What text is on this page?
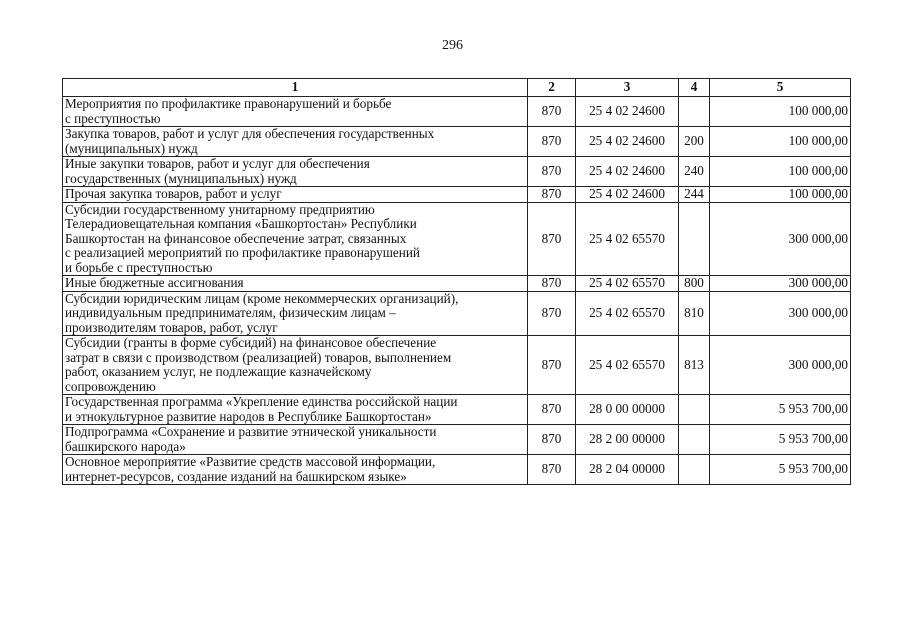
296
1	2	3	4	5
Мероприятия по профилактике правонарушений и борьбе
с преступностью	870	25 4 02 24600		100 000,00
Закупка товаров, работ и услуг для обеспечения государственных
(муниципальных) нужд	870	25 4 02 24600	200	100 000,00
Иные закупки товаров, работ и услуг для обеспечения
государственных (муниципальных) нужд	870	25 4 02 24600	240	100 000,00
Прочая закупка товаров, работ и услуг	870	25 4 02 24600	244	100 000,00
Субсидии государственному унитарному предприятию
Телерадиовещательная компания «Башкортостан» Республики
Башкортостан на финансовое обеспечение затрат, связанных
с реализацией мероприятий по профилактике правонарушений
и борьбе с преступностью	870	25 4 02 65570		300 000,00
Иные бюджетные ассигнования	870	25 4 02 65570	800	300 000,00
Субсидии юридическим лицам (кроме некоммерческих организаций),
индивидуальным предпринимателям, физическим лицам –
производителям товаров, работ, услуг	870	25 4 02 65570	810	300 000,00
Субсидии (гранты в форме субсидий) на финансовое обеспечение
затрат в связи с производством (реализацией) товаров, выполнением
работ, оказанием услуг, не подлежащие казначейскому
сопровождению	870	25 4 02 65570	813	300 000,00
Государственная программа «Укрепление единства российской нации
и этнокультурное развитие народов в Республике Башкортостан»	870	28 0 00 00000		5 953 700,00
Подпрограмма «Сохранение и развитие этнической уникальности
башкирского народа»	870	28 2 00 00000		5 953 700,00
Основное мероприятие «Развитие средств массовой информации,
интернет-ресурсов, создание изданий на башкирском языке»	870	28 2 04 00000		5 953 700,00
